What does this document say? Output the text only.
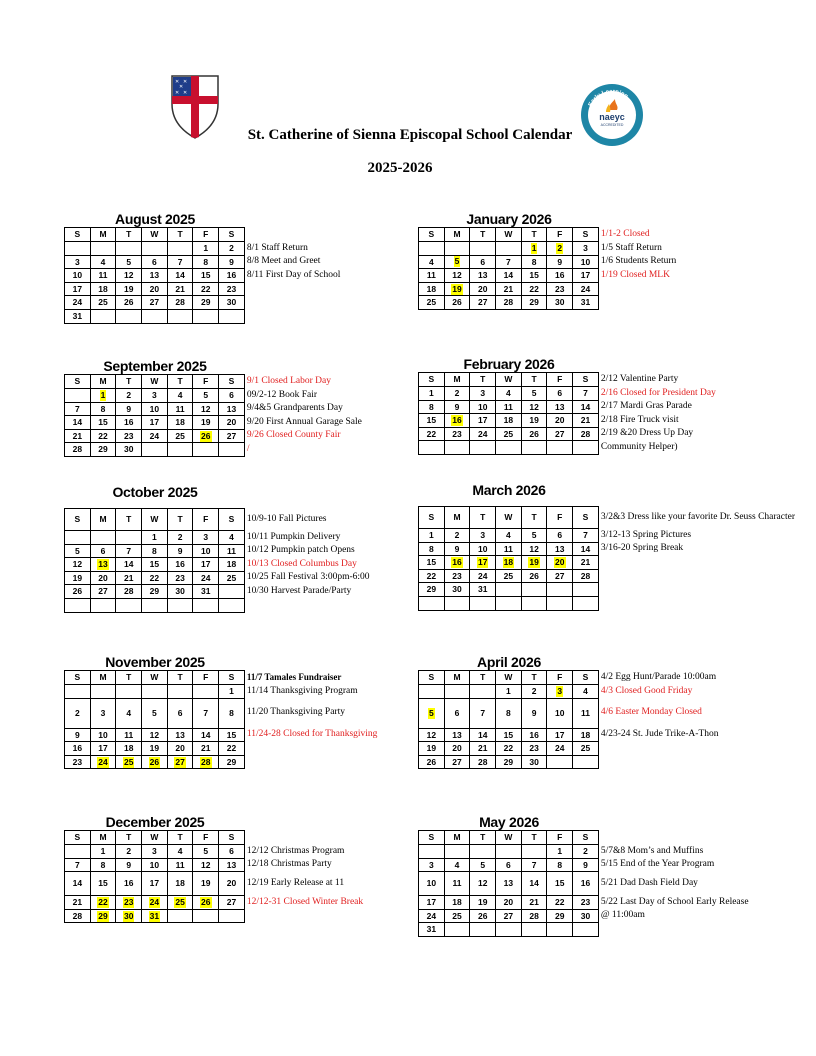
✕ ✕
✕
✕ ✕
Early Learning
Program
naeyc
ACCREDITED
St. Catherine of Sienna Episcopal School Calendar
2025-2026
August 2025
S	M	T	W	T	F	S	
					1	2	8/1 Staff Return
3	4	5	6	7	8	9	8/8 Meet and Greet
10	11	12	13	14	15	16	8/11 First Day of School
17	18	19	20	21	22	23	
24	25	26	27	28	29	30	
31							
January 2026
S	M	T	W	T	F	S	1/1-2 Closed
				1	2	3	1/5 Staff Return
4	5	6	7	8	9	10	1/6 Students Return
11	12	13	14	15	16	17	1/19 Closed MLK
18	19	20	21	22	23	24	
25	26	27	28	29	30	31	
September 2025
S	M	T	W	T	F	S	9/1 Closed Labor Day
	1	2	3	4	5	6	09/2-12 Book Fair
7	8	9	10	11	12	13	9/4&5 Grandparents Day
14	15	16	17	18	19	20	9/20 First Annual Garage Sale
21	22	23	24	25	26	27	9/26 Closed County Fair
28	29	30					/
February 2026
S	M	T	W	T	F	S	2/12 Valentine Party
1	2	3	4	5	6	7	2/16 Closed for President Day
8	9	10	11	12	13	14	2/17 Mardi Gras Parade
15	16	17	18	19	20	21	2/18 Fire Truck visit
22	23	24	25	26	27	28	2/19 &20 Dress Up Day
							Community Helper)
October 2025
S	M	T	W	T	F	S	10/9-10 Fall Pictures
			1	2	3	4	10/11 Pumpkin Delivery
5	6	7	8	9	10	11	10/12 Pumpkin patch Opens
12	13	14	15	16	17	18	10/13 Closed Columbus Day
19	20	21	22	23	24	25	10/25 Fall Festival 3:00pm-6:00
26	27	28	29	30	31		10/30 Harvest Parade/Party

March 2026
S	M	T	W	T	F	S	3/2&3 Dress like your favorite Dr. Seuss Character
1	2	3	4	5	6	7	3/12-13 Spring Pictures
8	9	10	11	12	13	14	3/16-20 Spring Break
15	16	17	18	19	20	21	
22	23	24	25	26	27	28	
29	30	31					

November 2025
S	M	T	W	T	F	S	11/7 Tamales Fundraiser
						1	11/14 Thanksgiving Program
2	3	4	5	6	7	8	11/20 Thanksgiving Party
9	10	11	12	13	14	15	11/24-28 Closed for Thanksgiving
16	17	18	19	20	21	22	
23	24	25	26	27	28	29	
April 2026
S	M	T	W	T	F	S	4/2 Egg Hunt/Parade 10:00am
			1	2	3	4	4/3 Closed Good Friday
5	6	7	8	9	10	11	4/6 Easter Monday Closed
12	13	14	15	16	17	18	4/23-24 St. Jude Trike-A-Thon
19	20	21	22	23	24	25	
26	27	28	29	30			
December 2025
S	M	T	W	T	F	S	
	1	2	3	4	5	6	12/12 Christmas Program
7	8	9	10	11	12	13	12/18 Christmas Party
14	15	16	17	18	19	20	12/19 Early Release at 11
21	22	23	24	25	26	27	12/12-31 Closed Winter Break
28	29	30	31				
May 2026
S	M	T	W	T	F	S	
					1	2	5/7&8 Mom’s and Muffins
3	4	5	6	7	8	9	5/15 End of the Year Program
10	11	12	13	14	15	16	5/21 Dad Dash Field Day
17	18	19	20	21	22	23	5/22 Last Day of School Early Release
24	25	26	27	28	29	30	@ 11:00am
31							
